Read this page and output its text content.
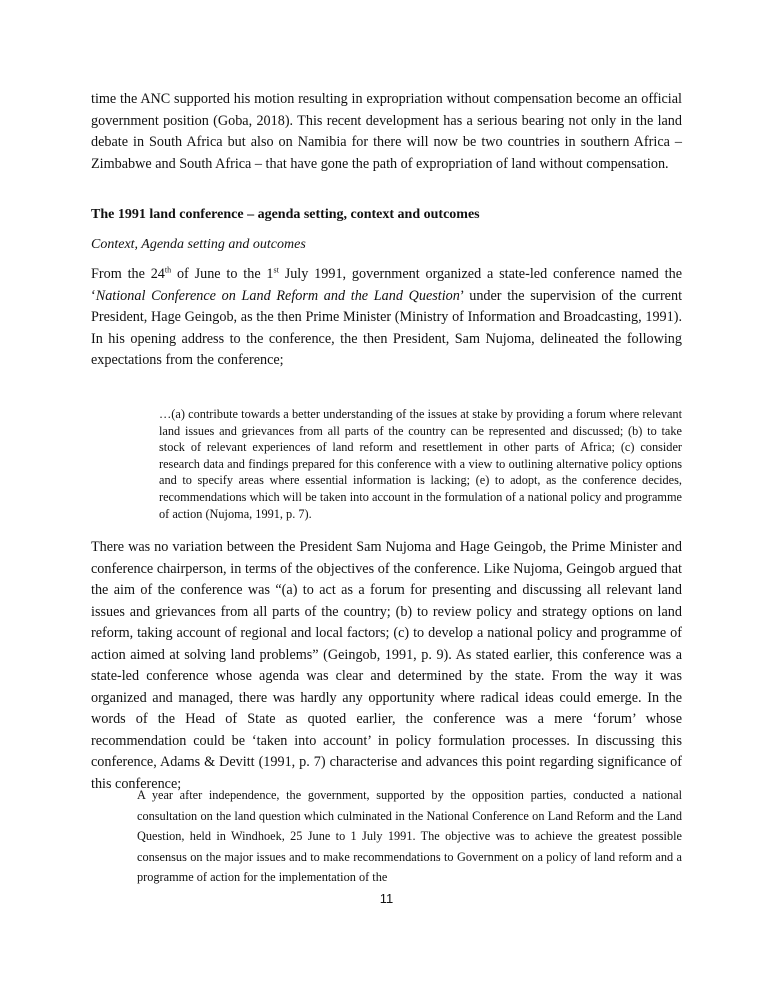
time the ANC supported his motion resulting in expropriation without compensation become an official government position (Goba, 2018). This recent development has a serious bearing not only in the land debate in South Africa but also on Namibia for there will now be two countries in southern Africa – Zimbabwe and South Africa – that have gone the path of expropriation of land without compensation.

The 1991 land conference – agenda setting, context and outcomes

Context, Agenda setting and outcomes

From the 24th of June to the 1st July 1991, government organized a state-led conference named the ‘National Conference on Land Reform and the Land Question’ under the supervision of the current President, Hage Geingob, as the then Prime Minister (Ministry of Information and Broadcasting, 1991). In his opening address to the conference, the then President, Sam Nujoma, delineated the following expectations from the conference;

…(a) contribute towards a better understanding of the issues at stake by providing a forum where relevant land issues and grievances from all parts of the country can be represented and discussed; (b) to take stock of relevant experiences of land reform and resettlement in other parts of Africa; (c) consider research data and findings prepared for this conference with a view to outlining alternative policy options and to specify areas where essential information is lacking; (e) to adopt, as the conference decides, recommendations which will be taken into account in the formulation of a national policy and programme of action (Nujoma, 1991, p. 7).

There was no variation between the President Sam Nujoma and Hage Geingob, the Prime Minister and conference chairperson, in terms of the objectives of the conference. Like Nujoma, Geingob argued that the aim of the conference was “(a) to act as a forum for presenting and discussing all relevant land issues and grievances from all parts of the country; (b) to review policy and strategy options on land reform, taking account of regional and local factors; (c) to develop a national policy and programme of action aimed at solving land problems” (Geingob, 1991, p. 9). As stated earlier, this conference was a state-led conference whose agenda was clear and determined by the state. From the way it was organized and managed, there was hardly any opportunity where radical ideas could emerge. In the words of the Head of State as quoted earlier, the conference was a mere ‘forum’ whose recommendation could be ‘taken into account’ in policy formulation processes. In discussing this conference, Adams & Devitt (1991, p. 7) characterise and advances this point regarding significance of this conference;

A year after independence, the government, supported by the opposition parties, conducted a national consultation on the land question which culminated in the National Conference on Land Reform and the Land Question, held in Windhoek, 25 June to 1 July 1991. The objective was to achieve the greatest possible consensus on the major issues and to make recommendations to Government on a policy of land reform and a programme of action for the implementation of the

11
